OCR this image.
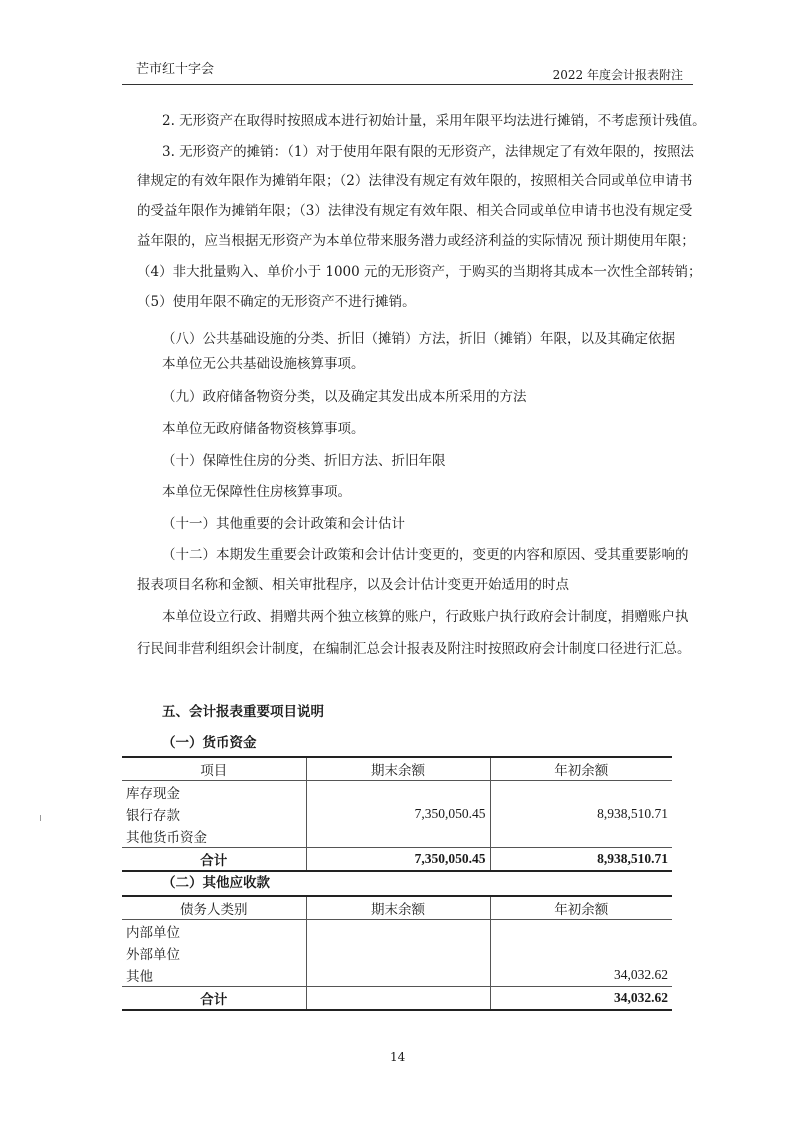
芒市红十字会	2022 年度会计报表附注
2. 无形资产在取得时按照成本进行初始计量，采用年限平均法进行摊销，不考虑预计残值。
3. 无形资产的摊销：（1）对于使用年限有限的无形资产，法律规定了有效年限的，按照法
律规定的有效年限作为摊销年限；（2）法律没有规定有效年限的，按照相关合同或单位申请书
的受益年限作为摊销年限；（3）法律没有规定有效年限、相关合同或单位申请书也没有规定受
益年限的，应当根据无形资产为本单位带来服务潜力或经济利益的实际情况 预计期使用年限；
（4）非大批量购入、单价小于 1000 元的无形资产，于购买的当期将其成本一次性全部转销；
（5）使用年限不确定的无形资产不进行摊销。
（八）公共基础设施的分类、折旧（摊销）方法，折旧（摊销）年限，以及其确定依据
本单位无公共基础设施核算事项。
（九）政府储备物资分类，以及确定其发出成本所采用的方法
本单位无政府储备物资核算事项。
（十）保障性住房的分类、折旧方法、折旧年限
本单位无保障性住房核算事项。
（十一）其他重要的会计政策和会计估计
（十二）本期发生重要会计政策和会计估计变更的，变更的内容和原因、受其重要影响的
报表项目名称和金额、相关审批程序，以及会计估计变更开始适用的时点
本单位设立行政、捐赠共两个独立核算的账户，行政账户执行政府会计制度，捐赠账户执
行民间非营利组织会计制度，在编制汇总会计报表及附注时按照政府会计制度口径进行汇总。
五、会计报表重要项目说明
（一）货币资金
项目	期末余额	年初余额
库存现金		
银行存款	7,350,050.45	8,938,510.71
其他货币资金		
合计	7,350,050.45	8,938,510.71
（二）其他应收款
债务人类别	期末余额	年初余额
内部单位		
外部单位		
其他		34,032.62
合计		34,032.62
14
